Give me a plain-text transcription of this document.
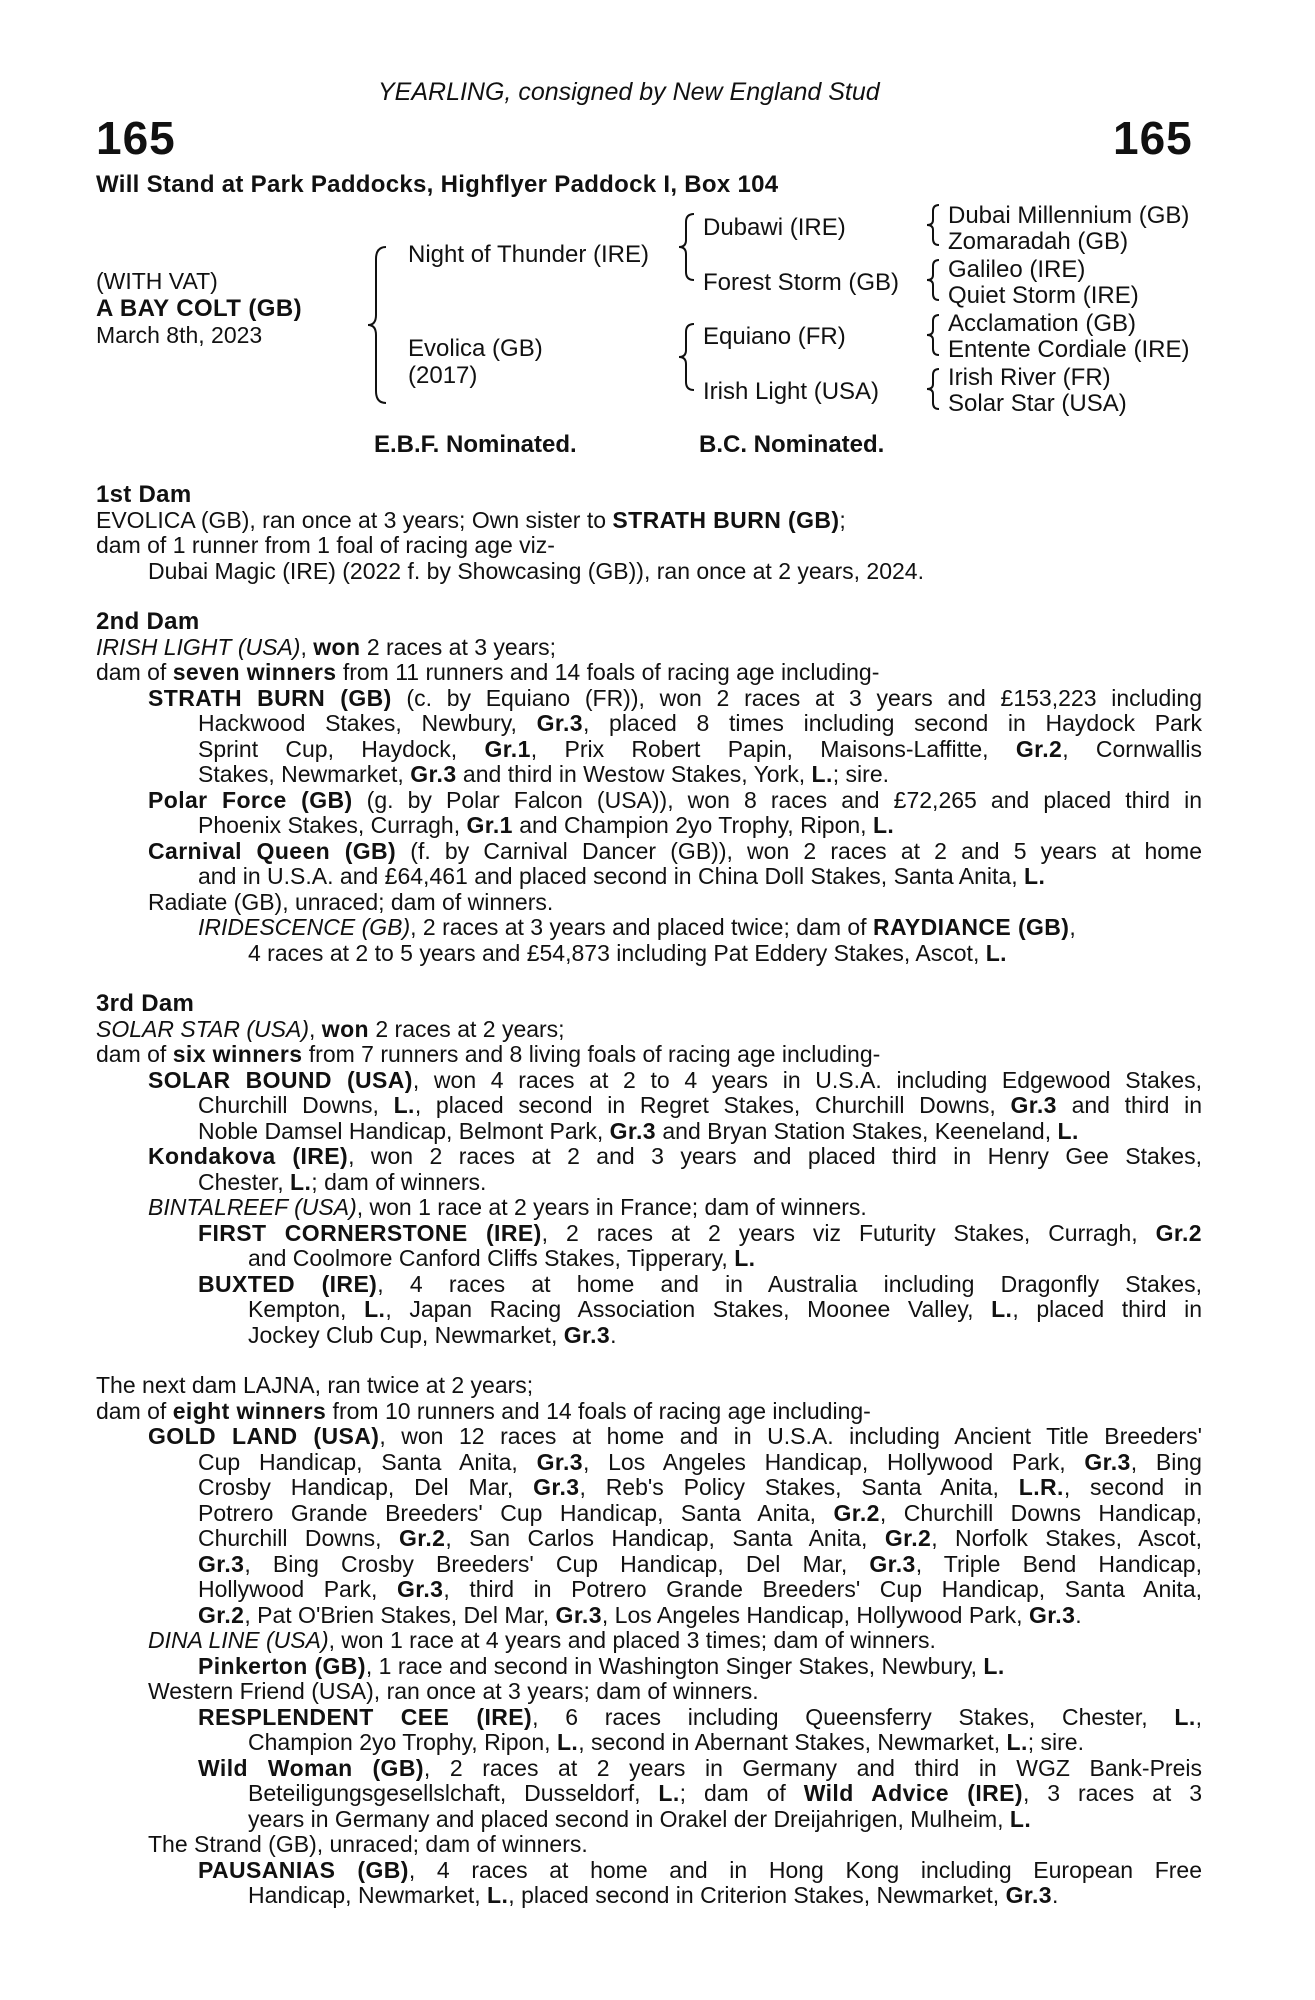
YEARLING, consigned by New England Stud
165	165
Will Stand at Park Paddocks, Highflyer Paddock I, Box 104
(WITH VAT)
A BAY COLT (GB)
March 8th, 2023
Night of Thunder (IRE)
Evolica (GB)
(2017)
Dubawi (IRE)
Forest Storm (GB)
Equiano (FR)
Irish Light (USA)
Dubai Millennium (GB)
Zomaradah (GB)
Galileo (IRE)
Quiet Storm (IRE)
Acclamation (GB)
Entente Cordiale (IRE)
Irish River (FR)
Solar Star (USA)
E.B.F. Nominated.	B.C. Nominated.
1st Dam
EVOLICA (GB), ran once at 3 years; Own sister to STRATH BURN (GB);
dam of 1 runner from 1 foal of racing age viz-
Dubai Magic (IRE) (2022 f. by Showcasing (GB)), ran once at 2 years, 2024.
2nd Dam
IRISH LIGHT (USA), won 2 races at 3 years;
dam of seven winners from 11 runners and 14 foals of racing age including-
STRATH BURN (GB) (c. by Equiano (FR)), won 2 races at 3 years and £153,223 including
Hackwood Stakes, Newbury, Gr.3, placed 8 times including second in Haydock Park
Sprint Cup, Haydock, Gr.1, Prix Robert Papin, Maisons-Laffitte, Gr.2, Cornwallis
Stakes, Newmarket, Gr.3 and third in Westow Stakes, York, L.; sire.
Polar Force (GB) (g. by Polar Falcon (USA)), won 8 races and £72,265 and placed third in
Phoenix Stakes, Curragh, Gr.1 and Champion 2yo Trophy, Ripon, L.
Carnival Queen (GB) (f. by Carnival Dancer (GB)), won 2 races at 2 and 5 years at home
and in U.S.A. and £64,461 and placed second in China Doll Stakes, Santa Anita, L.
Radiate (GB), unraced; dam of winners.
IRIDESCENCE (GB), 2 races at 3 years and placed twice; dam of RAYDIANCE (GB),
4 races at 2 to 5 years and £54,873 including Pat Eddery Stakes, Ascot, L.
3rd Dam
SOLAR STAR (USA), won 2 races at 2 years;
dam of six winners from 7 runners and 8 living foals of racing age including-
SOLAR BOUND (USA), won 4 races at 2 to 4 years in U.S.A. including Edgewood Stakes,
Churchill Downs, L., placed second in Regret Stakes, Churchill Downs, Gr.3 and third in
Noble Damsel Handicap, Belmont Park, Gr.3 and Bryan Station Stakes, Keeneland, L.
Kondakova (IRE), won 2 races at 2 and 3 years and placed third in Henry Gee Stakes,
Chester, L.; dam of winners.
BINTALREEF (USA), won 1 race at 2 years in France; dam of winners.
FIRST CORNERSTONE (IRE), 2 races at 2 years viz Futurity Stakes, Curragh, Gr.2
and Coolmore Canford Cliffs Stakes, Tipperary, L.
BUXTED (IRE), 4 races at home and in Australia including Dragonfly Stakes,
Kempton, L., Japan Racing Association Stakes, Moonee Valley, L., placed third in
Jockey Club Cup, Newmarket, Gr.3.
The next dam LAJNA, ran twice at 2 years;
dam of eight winners from 10 runners and 14 foals of racing age including-
GOLD LAND (USA), won 12 races at home and in U.S.A. including Ancient Title Breeders'
Cup Handicap, Santa Anita, Gr.3, Los Angeles Handicap, Hollywood Park, Gr.3, Bing
Crosby Handicap, Del Mar, Gr.3, Reb's Policy Stakes, Santa Anita, L.R., second in
Potrero Grande Breeders' Cup Handicap, Santa Anita, Gr.2, Churchill Downs Handicap,
Churchill Downs, Gr.2, San Carlos Handicap, Santa Anita, Gr.2, Norfolk Stakes, Ascot,
Gr.3, Bing Crosby Breeders' Cup Handicap, Del Mar, Gr.3, Triple Bend Handicap,
Hollywood Park, Gr.3, third in Potrero Grande Breeders' Cup Handicap, Santa Anita,
Gr.2, Pat O'Brien Stakes, Del Mar, Gr.3, Los Angeles Handicap, Hollywood Park, Gr.3.
DINA LINE (USA), won 1 race at 4 years and placed 3 times; dam of winners.
Pinkerton (GB), 1 race and second in Washington Singer Stakes, Newbury, L.
Western Friend (USA), ran once at 3 years; dam of winners.
RESPLENDENT CEE (IRE), 6 races including Queensferry Stakes, Chester, L.,
Champion 2yo Trophy, Ripon, L., second in Abernant Stakes, Newmarket, L.; sire.
Wild Woman (GB), 2 races at 2 years in Germany and third in WGZ Bank-Preis
Beteiligungsgesellslchaft, Dusseldorf, L.; dam of Wild Advice (IRE), 3 races at 3
years in Germany and placed second in Orakel der Dreijahrigen, Mulheim, L.
The Strand (GB), unraced; dam of winners.
PAUSANIAS (GB), 4 races at home and in Hong Kong including European Free
Handicap, Newmarket, L., placed second in Criterion Stakes, Newmarket, Gr.3.
